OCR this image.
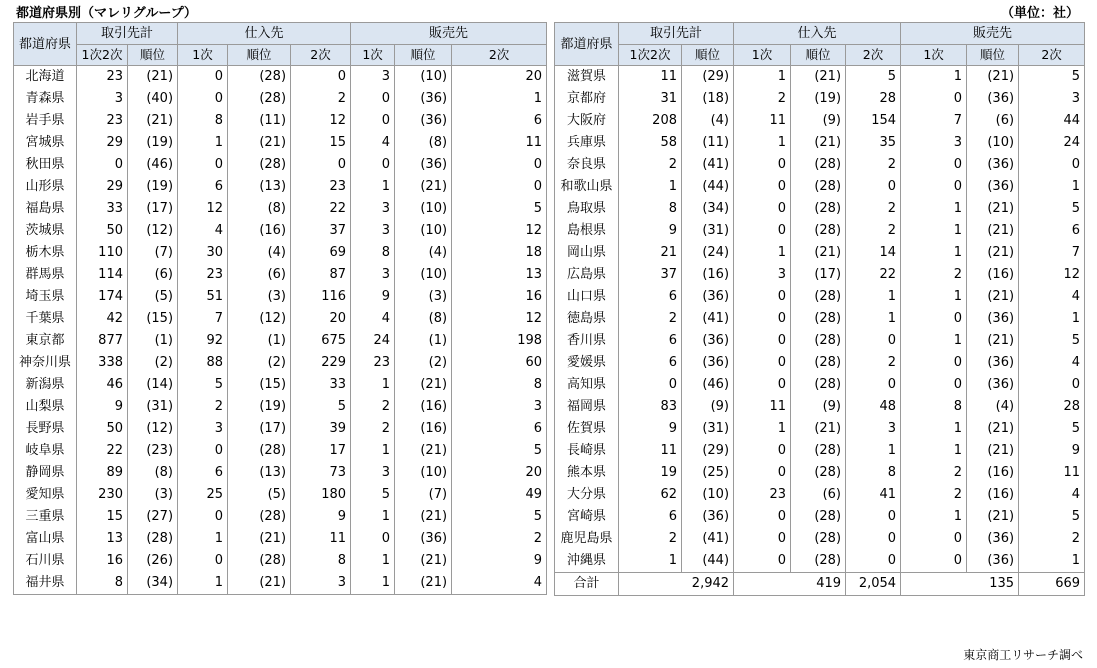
都道府県別（マレリグループ）	（単位：社）
都道府県	取引先計		仕入先			販売先		
	1次2次	順位	1次	順位	2次	1次	順位	2次
北海道	23	(21)	0	(28)	0	3	(10)	20
青森県	3	(40)	0	(28)	2	0	(36)	1
岩手県	23	(21)	8	(11)	12	0	(36)	6
宮城県	29	(19)	1	(21)	15	4	(8)	11
秋田県	0	(46)	0	(28)	0	0	(36)	0
山形県	29	(19)	6	(13)	23	1	(21)	0
福島県	33	(17)	12	(8)	22	3	(10)	5
茨城県	50	(12)	4	(16)	37	3	(10)	12
栃木県	110	(7)	30	(4)	69	8	(4)	18
群馬県	114	(6)	23	(6)	87	3	(10)	13
埼玉県	174	(5)	51	(3)	116	9	(3)	16
千葉県	42	(15)	7	(12)	20	4	(8)	12
東京都	877	(1)	92	(1)	675	24	(1)	198
神奈川県	338	(2)	88	(2)	229	23	(2)	60
新潟県	46	(14)	5	(15)	33	1	(21)	8
山梨県	9	(31)	2	(19)	5	2	(16)	3
長野県	50	(12)	3	(17)	39	2	(16)	6
岐阜県	22	(23)	0	(28)	17	1	(21)	5
静岡県	89	(8)	6	(13)	73	3	(10)	20
愛知県	230	(3)	25	(5)	180	5	(7)	49
三重県	15	(27)	0	(28)	9	1	(21)	5
富山県	13	(28)	1	(21)	11	0	(36)	2
石川県	16	(26)	0	(28)	8	1	(21)	9
福井県	8	(34)	1	(21)	3	1	(21)	4
都道府県	取引先計		仕入先			販売先		
	1次2次	順位	1次	順位	2次	1次	順位	2次
滋賀県	11	(29)	1	(21)	5	1	(21)	5
京都府	31	(18)	2	(19)	28	0	(36)	3
大阪府	208	(4)	11	(9)	154	7	(6)	44
兵庫県	58	(11)	1	(21)	35	3	(10)	24
奈良県	2	(41)	0	(28)	2	0	(36)	0
和歌山県	1	(44)	0	(28)	0	0	(36)	1
鳥取県	8	(34)	0	(28)	2	1	(21)	5
島根県	9	(31)	0	(28)	2	1	(21)	6
岡山県	21	(24)	1	(21)	14	1	(21)	7
広島県	37	(16)	3	(17)	22	2	(16)	12
山口県	6	(36)	0	(28)	1	1	(21)	4
徳島県	2	(41)	0	(28)	1	0	(36)	1
香川県	6	(36)	0	(28)	0	1	(21)	5
愛媛県	6	(36)	0	(28)	2	0	(36)	4
高知県	0	(46)	0	(28)	0	0	(36)	0
福岡県	83	(9)	11	(9)	48	8	(4)	28
佐賀県	9	(31)	1	(21)	3	1	(21)	5
長崎県	11	(29)	0	(28)	1	1	(21)	9
熊本県	19	(25)	0	(28)	8	2	(16)	11
大分県	62	(10)	23	(6)	41	2	(16)	4
宮崎県	6	(36)	0	(28)	0	1	(21)	5
鹿児島県	2	(41)	0	(28)	0	0	(36)	2
沖縄県	1	(44)	0	(28)	0	0	(36)	1
合計	2,942		419		2,054	135		669
東京商工リサーチ調べ
